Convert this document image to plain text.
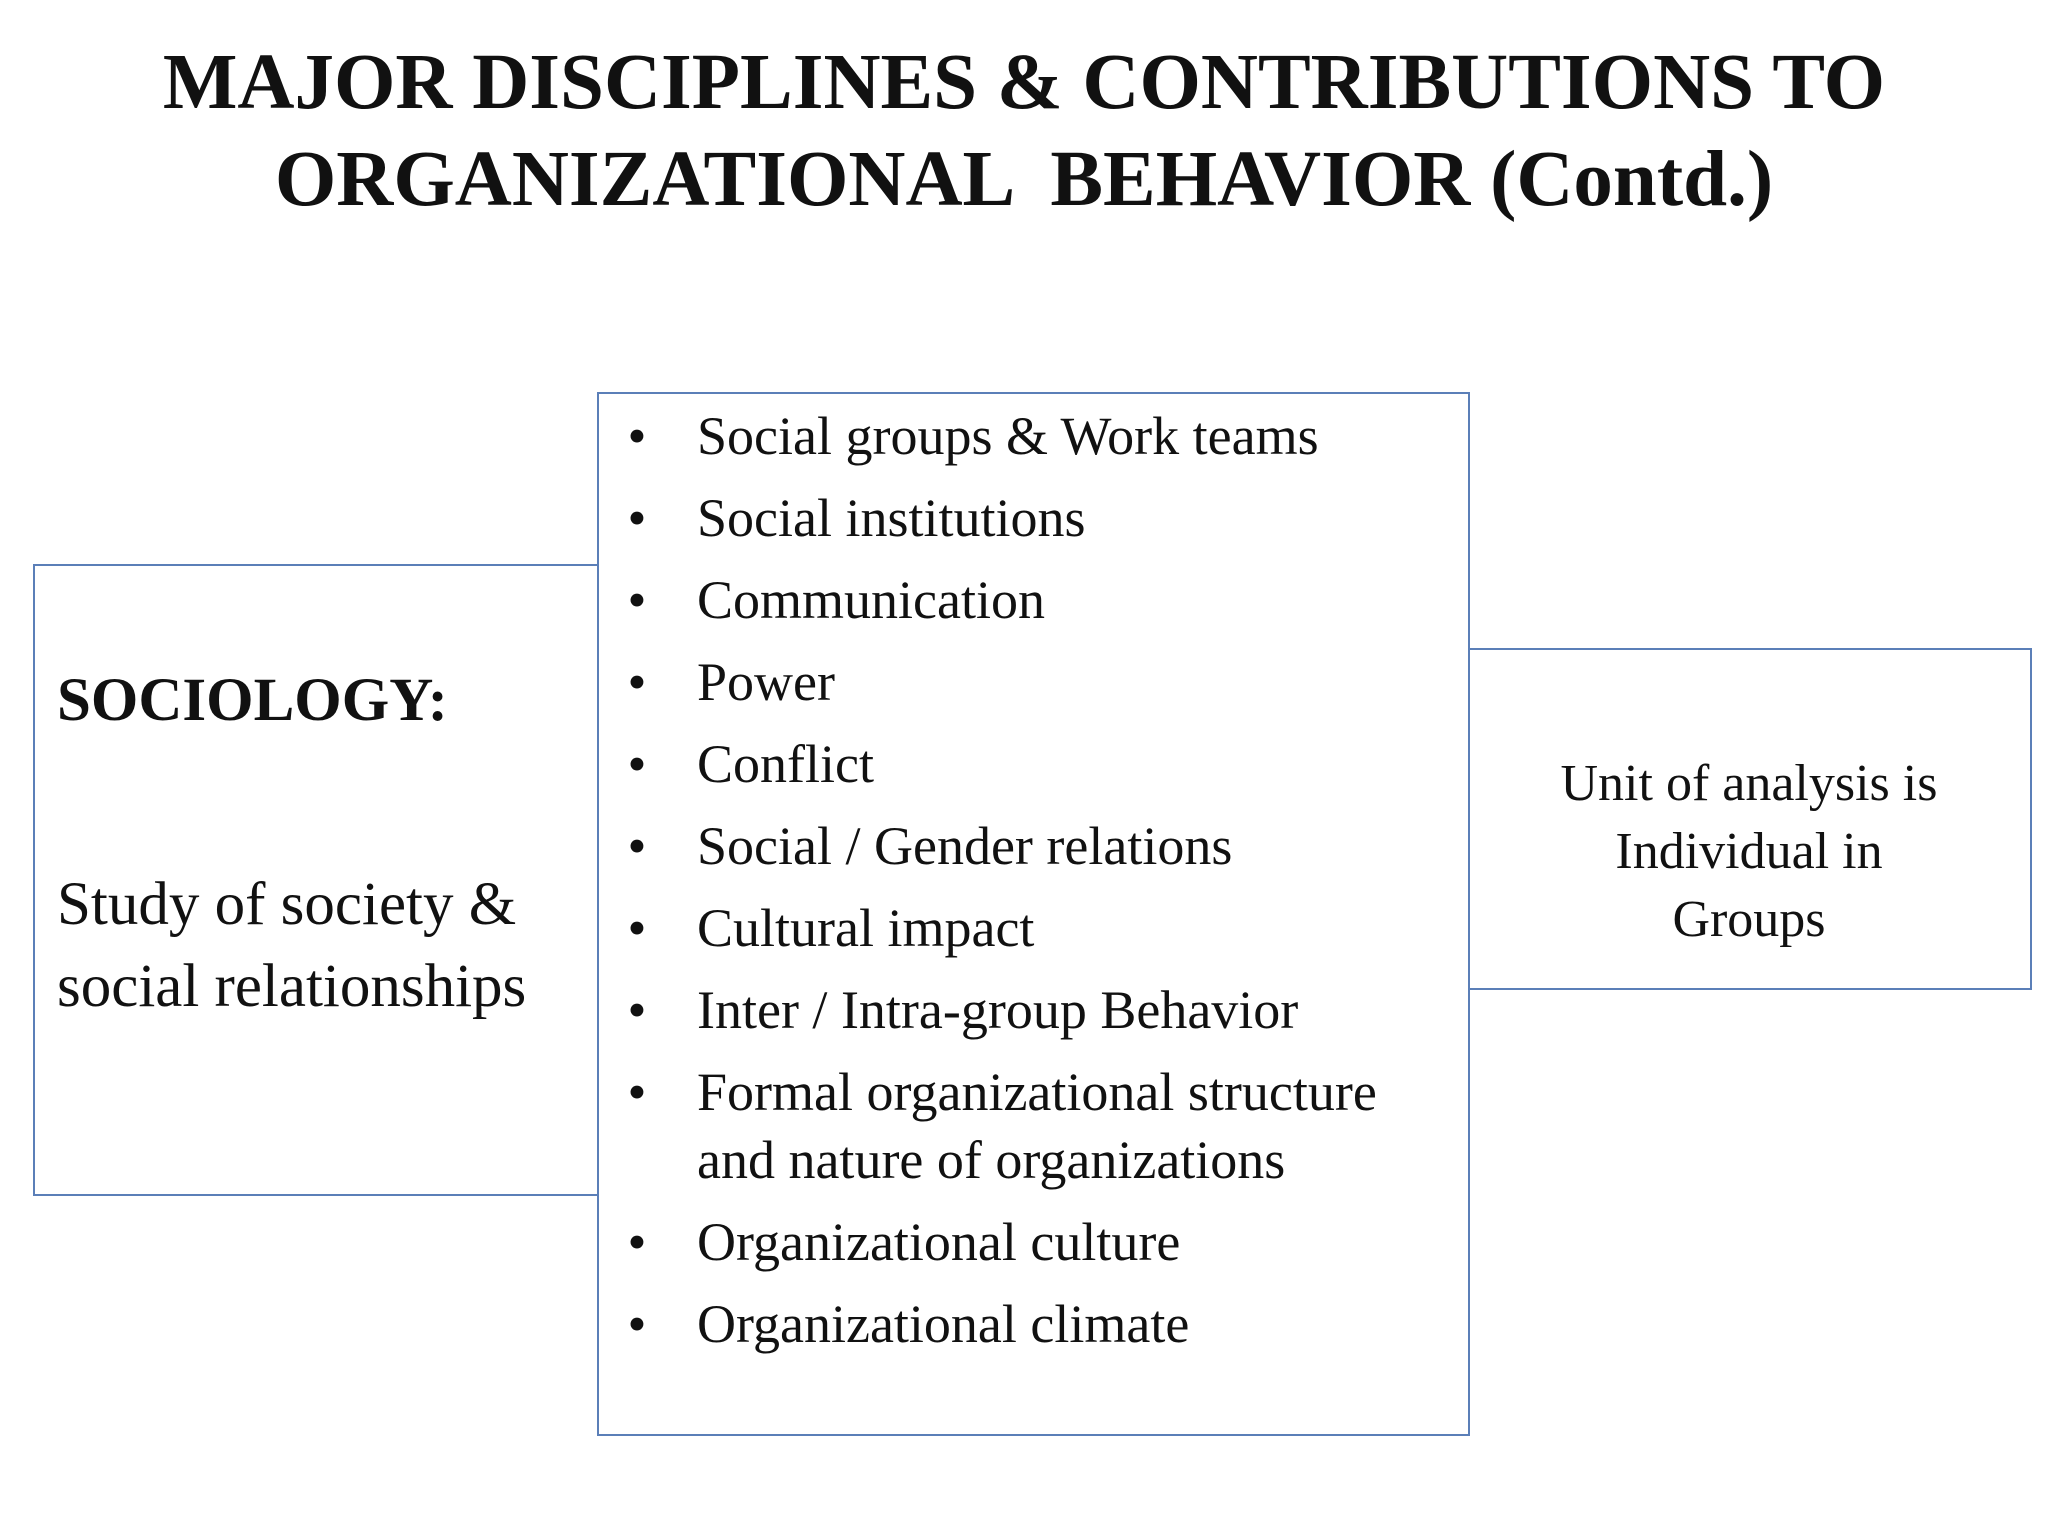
MAJOR DISCIPLINES & CONTRIBUTIONS TO
ORGANIZATIONAL  BEHAVIOR (Contd.)

SOCIOLOGY:

Study of society & social relationships

• Social groups & Work teams
• Social institutions
• Communication
• Power
• Conflict
• Social / Gender relations
• Cultural impact
• Inter / Intra-group Behavior
• Formal organizational structure and nature of organizations
• Organizational culture
• Organizational climate

Unit of analysis is
Individual in
Groups
